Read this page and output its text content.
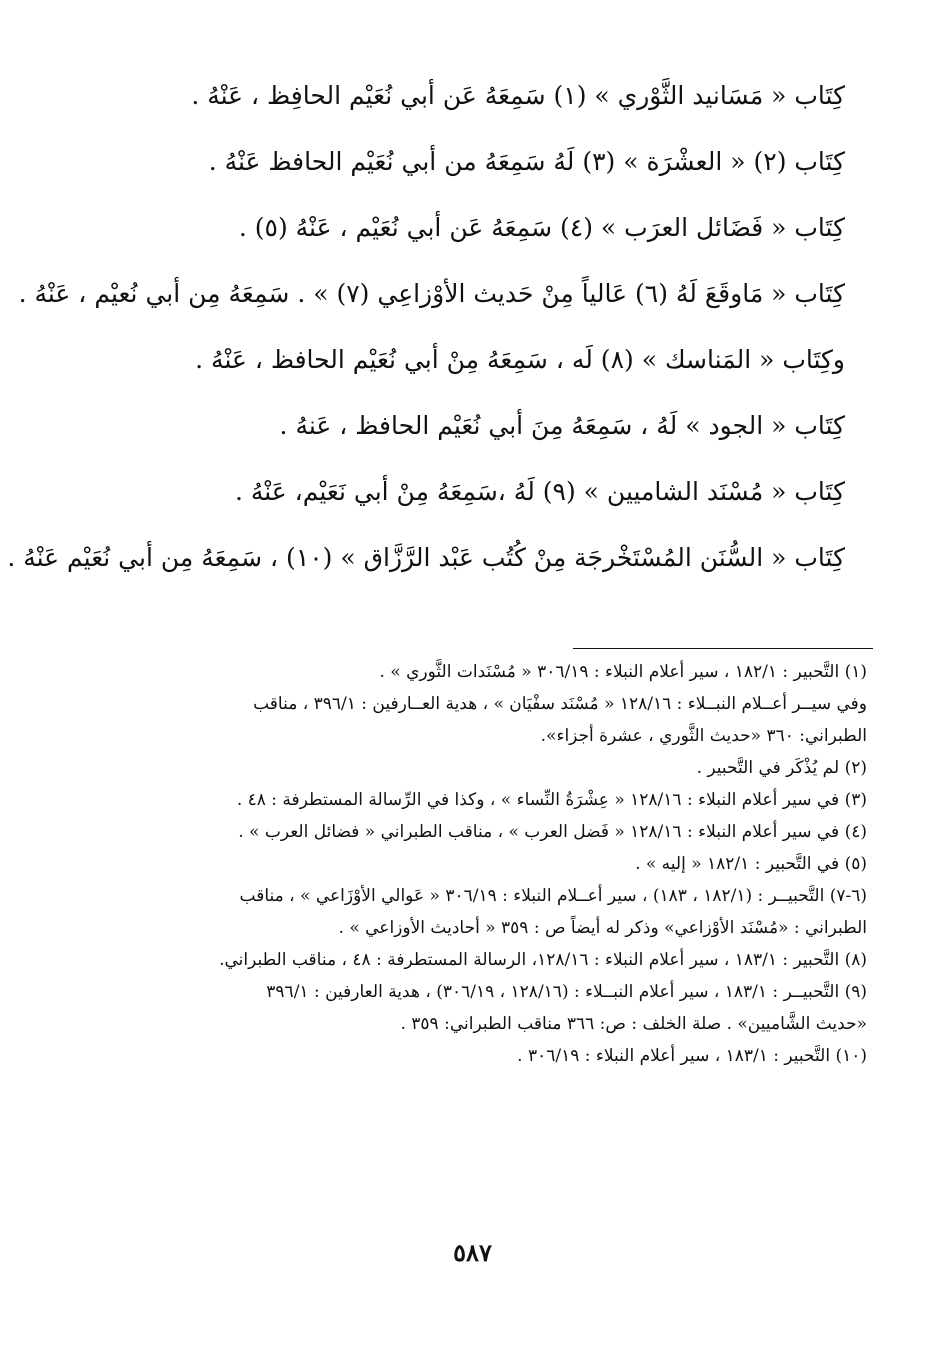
كِتَاب « مَسَانيد الثَّوْري » (١) سَمِعَهُ عَن أبي نُعَيْم الحافِظ ، عَنْهُ .

كِتَاب (٢) « العشْرَة » (٣) لَهُ سَمِعَهُ من أبي نُعَيْم الحافظ عَنْهُ .

كِتَاب « فَضَائل العرَب » (٤) سَمِعَهُ عَن أبي نُعَيْم ، عَنْهُ (٥) .

كِتَاب « مَاوقَعَ لَهُ (٦) عَالياً مِنْ حَديث الأوْزاعِي (٧) » . سَمِعَهُ مِن أبي نُعيْم ، عَنْهُ .

وكِتَاب « المَناسك » (٨) لَه ، سَمِعَهُ مِنْ أبي نُعَيْم الحافظ ، عَنْهُ .

كِتَاب « الجود » لَهُ ، سَمِعَهُ مِنَ أبي نُعَيْم الحافظ ، عَنهُ .

كِتَاب « مُسْنَد الشاميين » (٩) لَهُ ،سَمِعَهُ مِنْ أبي نَعَيْم، عَنْهُ .

كِتَاب « السُّنَن المُسْتَخْرجَة مِنْ كُتُب عَبْد الرَّزَّاق » (١٠) ، سَمِعَهُ مِن أبي نُعَيْم عَنْهُ .

(١) التَّحبير : ١٨٢/١ ، سير أعلام النبلاء : ٣٠٦/١٩ « مُسْنَدات الثَّوري » .

وفي سيــر أعــلام النبــلاء : ١٢٨/١٦ « مُسْنَد سفْيَان » ، هدية العــارفين : ٣٩٦/١ ، مناقب

الطبراني: ٣٦٠ «حديث الثَّوري ، عشرة أجزاء».

(٢) لم يُذْكَر في التَّحبير .

(٣) في سير أعلام النبلاء : ١٢٨/١٦ « عِشْرَةُ النِّساء » ، وكذا في الرِّسالة المستطرفة : ٤٨ .

(٤) في سير أعلام النبلاء : ١٢٨/١٦ « فَضل العرب » ، مناقب الطبراني « فضائل العرب » .

(٥) في التَّحبير : ١٨٢/١ « إليه » .

(٦-٧) التَّحبيــر : (١٨٢/١ ، ١٨٣) ، سير أعــلام النبلاء : ٣٠٦/١٩ « عَوالي الأوْزَاعي » ، مناقب

الطبراني : «مُسْنَد الأوْزاعي» وذكر له أيضاً ص : ٣٥٩ « أحاديث الأوزاعي » .

(٨) التَّحبير : ١٨٣/١ ، سير أعلام النبلاء : ١٢٨/١٦، الرسالة المستطرفة : ٤٨ ، مناقب الطبراني.

(٩) التَّحبيــر : ١٨٣/١ ، سير أعلام النبــلاء : (١٢٨/١٦ ، ٣٠٦/١٩) ، هدية العارفين : ٣٩٦/١

«حديث الشَّاميين» . صلة الخلف : ص: ٣٦٦ مناقب الطبراني: ٣٥٩ .

(١٠) التَّحبير : ١٨٣/١ ، سير أعلام النبلاء : ٣٠٦/١٩ .

٥٨٧
